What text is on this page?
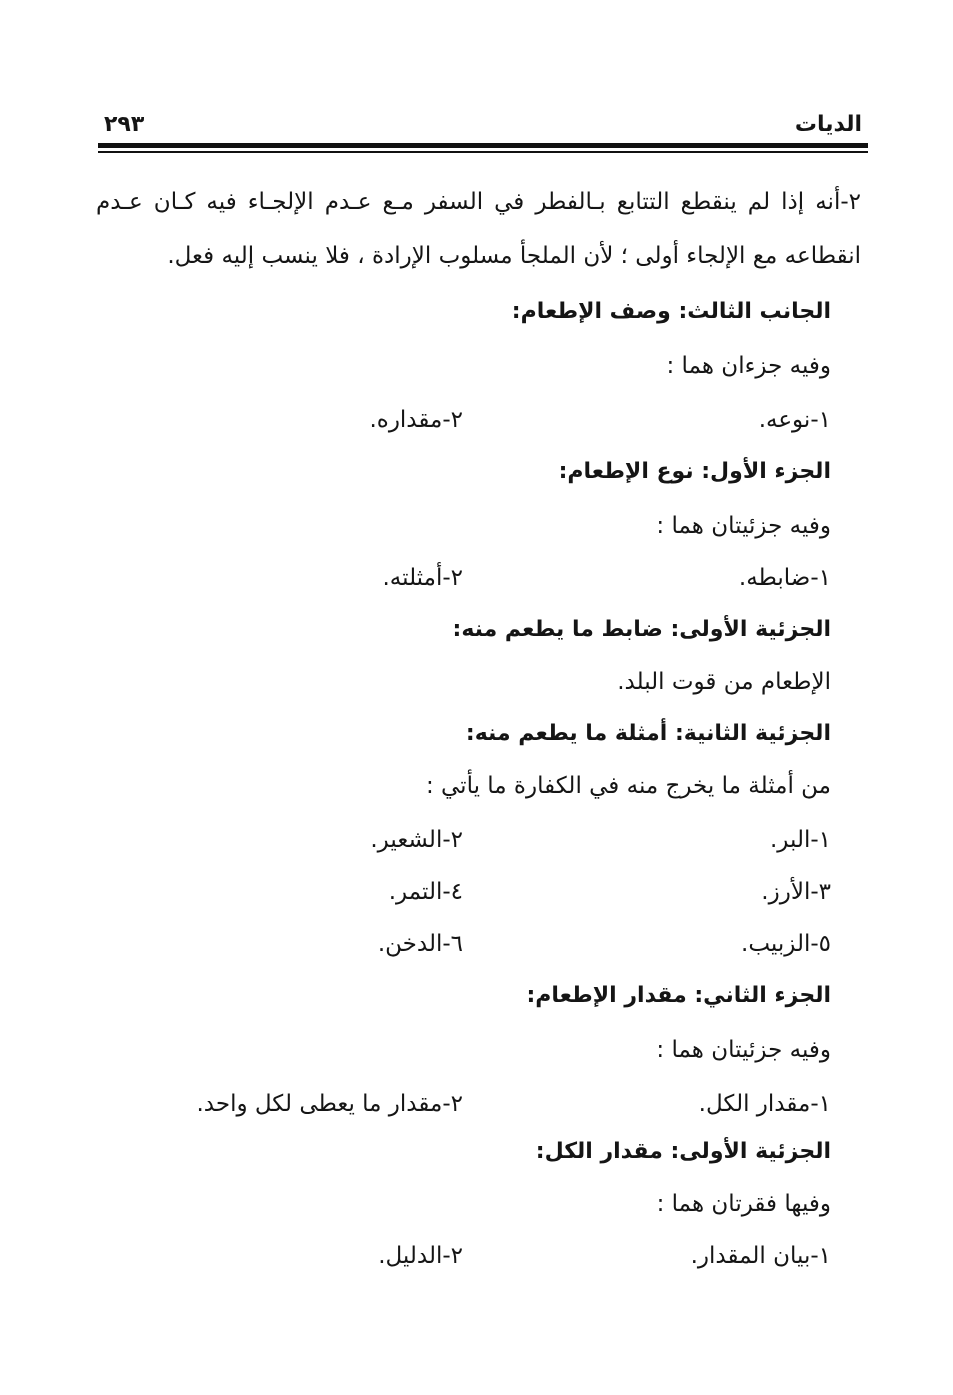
٢٩٣	الديات
٢-أنه إذا لم ينقطع التتابع بـالفطر في السفر مـع عـدم الإلجـاء فيه كـان عـدم
انقطاعه مع الإلجاء أولى ؛ لأن الملجأ مسلوب الإرادة ، فلا ينسب إليه فعل.
الجانب الثالث: وصف الإطعام:
وفيه جزءان هما :
١-نوعه.
٢-مقداره.
الجزء الأول: نوع الإطعام:
وفيه جزئيتان هما :
١-ضابطه.
٢-أمثلته.
الجزئية الأولى: ضابط ما يطعم منه:
الإطعام من قوت البلد.
الجزئية الثانية: أمثلة ما يطعم منه:
من أمثلة ما يخرج منه في الكفارة ما يأتي :
١-البر.
٢-الشعير.
٣-الأرز.
٤-التمر.
٥-الزبيب.
٦-الدخن.
الجزء الثاني: مقدار الإطعام:
وفيه جزئيتان هما :
١-مقدار الكل.
٢-مقدار ما يعطى لكل واحد.
الجزئية الأولى: مقدار الكل:
وفيها فقرتان هما :
١-بيان المقدار.
٢-الدليل.
